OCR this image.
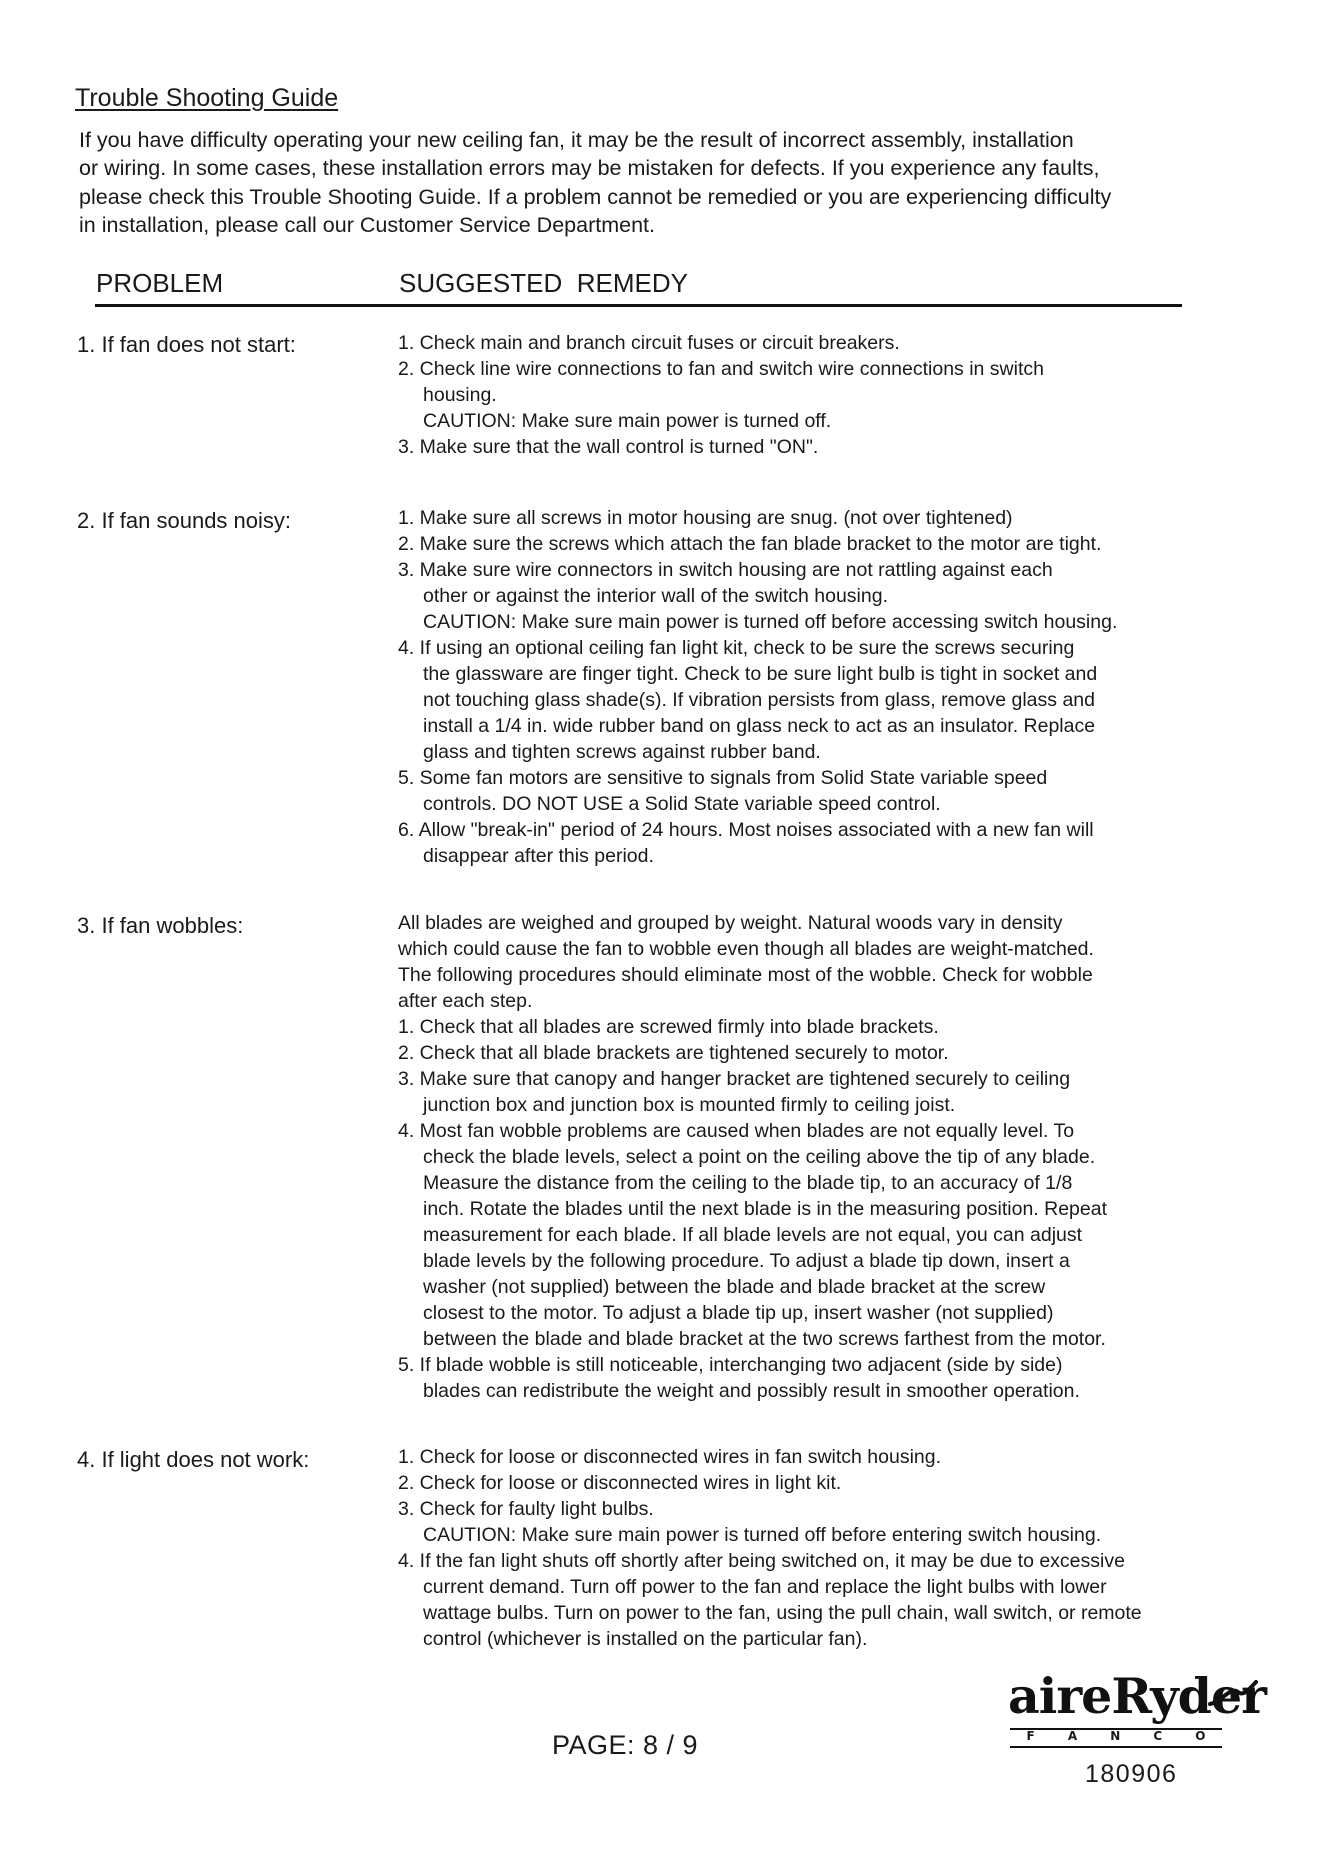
Trouble Shooting Guide

If you have difficulty operating your new ceiling fan, it may be the result of incorrect assembly, installation
or wiring. In some cases, these installation errors may be mistaken for defects. If you experience any faults,
please check this Trouble Shooting Guide. If a problem cannot be remedied or you are experiencing difficulty
in installation, please call our Customer Service Department.

PROBLEM	SUGGESTED  REMEDY
1. If fan does not start:	1. Check main and branch circuit fuses or circuit breakers.
2. Check line wire connections to fan and switch wire connections in switch
housing.
CAUTION: Make sure main power is turned off.
3. Make sure that the wall control is turned "ON".
2. If fan sounds noisy:	1. Make sure all screws in motor housing are snug. (not over tightened)
2. Make sure the screws which attach the fan blade bracket to the motor are tight.
3. Make sure wire connectors in switch housing are not rattling against each
other or against the interior wall of the switch housing.
CAUTION: Make sure main power is turned off before accessing switch housing.
4. If using an optional ceiling fan light kit, check to be sure the screws securing
the glassware are finger tight. Check to be sure light bulb is tight in socket and
not touching glass shade(s). If vibration persists from glass, remove glass and
install a 1/4 in. wide rubber band on glass neck to act as an insulator. Replace
glass and tighten screws against rubber band.
5. Some fan motors are sensitive to signals from Solid State variable speed
controls. DO NOT USE a Solid State variable speed control.
6. Allow "break-in" period of 24 hours. Most noises associated with a new fan will
disappear after this period.
3. If fan wobbles:	All blades are weighed and grouped by weight. Natural woods vary in density
which could cause the fan to wobble even though all blades are weight-matched.
The following procedures should eliminate most of the wobble. Check for wobble
after each step.
1. Check that all blades are screwed firmly into blade brackets.
2. Check that all blade brackets are tightened securely to motor.
3. Make sure that canopy and hanger bracket are tightened securely to ceiling
junction box and junction box is mounted firmly to ceiling joist.
4. Most fan wobble problems are caused when blades are not equally level. To
check the blade levels, select a point on the ceiling above the tip of any blade.
Measure the distance from the ceiling to the blade tip, to an accuracy of 1/8
inch. Rotate the blades until the next blade is in the measuring position. Repeat
measurement for each blade. If all blade levels are not equal, you can adjust
blade levels by the following procedure. To adjust a blade tip down, insert a
washer (not supplied) between the blade and blade bracket at the screw
closest to the motor. To adjust a blade tip up, insert washer (not supplied)
between the blade and blade bracket at the two screws farthest from the motor.
5. If blade wobble is still noticeable, interchanging two adjacent (side by side)
blades can redistribute the weight and possibly result in smoother operation.
4. If light does not work:	1. Check for loose or disconnected wires in fan switch housing.
2. Check for loose or disconnected wires in light kit.
3. Check for faulty light bulbs.
CAUTION: Make sure main power is turned off before entering switch housing.
4. If the fan light shuts off shortly after being switched on, it may be due to excessive
current demand. Turn off power to the fan and replace the light bulbs with lower
wattage bulbs. Turn on power to the fan, using the pull chain, wall switch, or remote
control (whichever is installed on the particular fan).
PAGE: 8 / 9
aireRyder
F	A	N	C	O
180906
